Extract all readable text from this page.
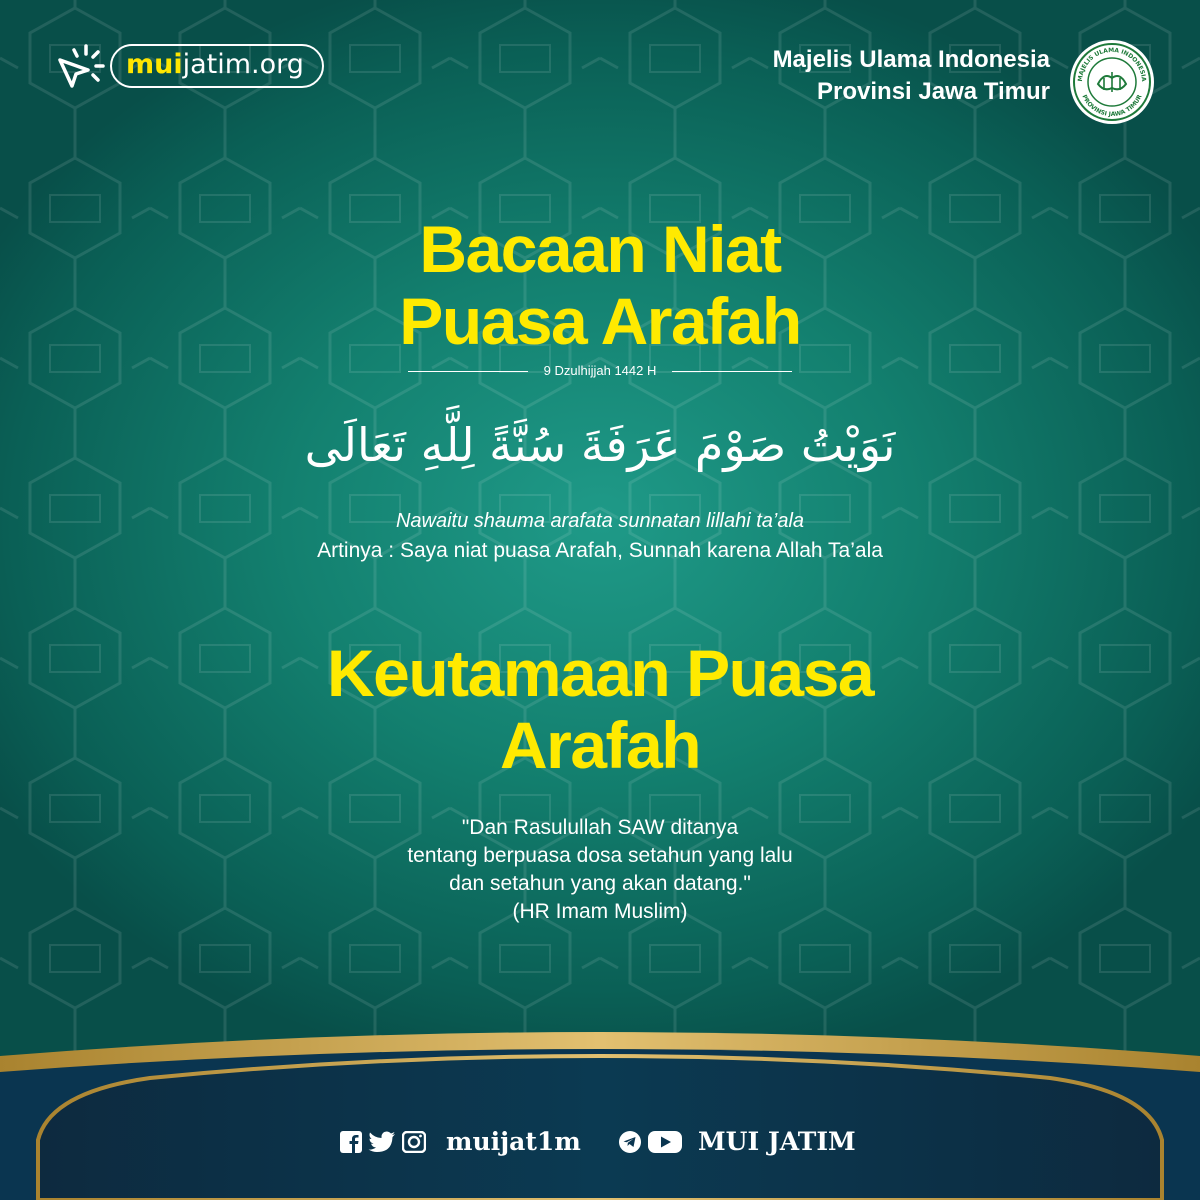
muijatim.org	Majelis Ulama Indonesia
Provinsi Jawa Timur	MAJELIS ULAMA INDONESIA
PROVINSI JAWA TIMUR
Bacaan Niat
Puasa Arafah
9 Dzulhijjah 1442 H
نَوَيْتُ صَوْمَ عَرَفَةَ سُنَّةً لِلَّهِ تَعَالَى
Nawaitu shauma arafata sunnatan lillahi ta’ala
Artinya : Saya niat puasa Arafah, Sunnah karena Allah Ta’ala
Keutamaan Puasa
Arafah
"Dan Rasulullah SAW ditanya
tentang berpuasa dosa setahun yang lalu
dan setahun yang akan datang."
(HR Imam Muslim)
muijat1m	MUI JATIM
